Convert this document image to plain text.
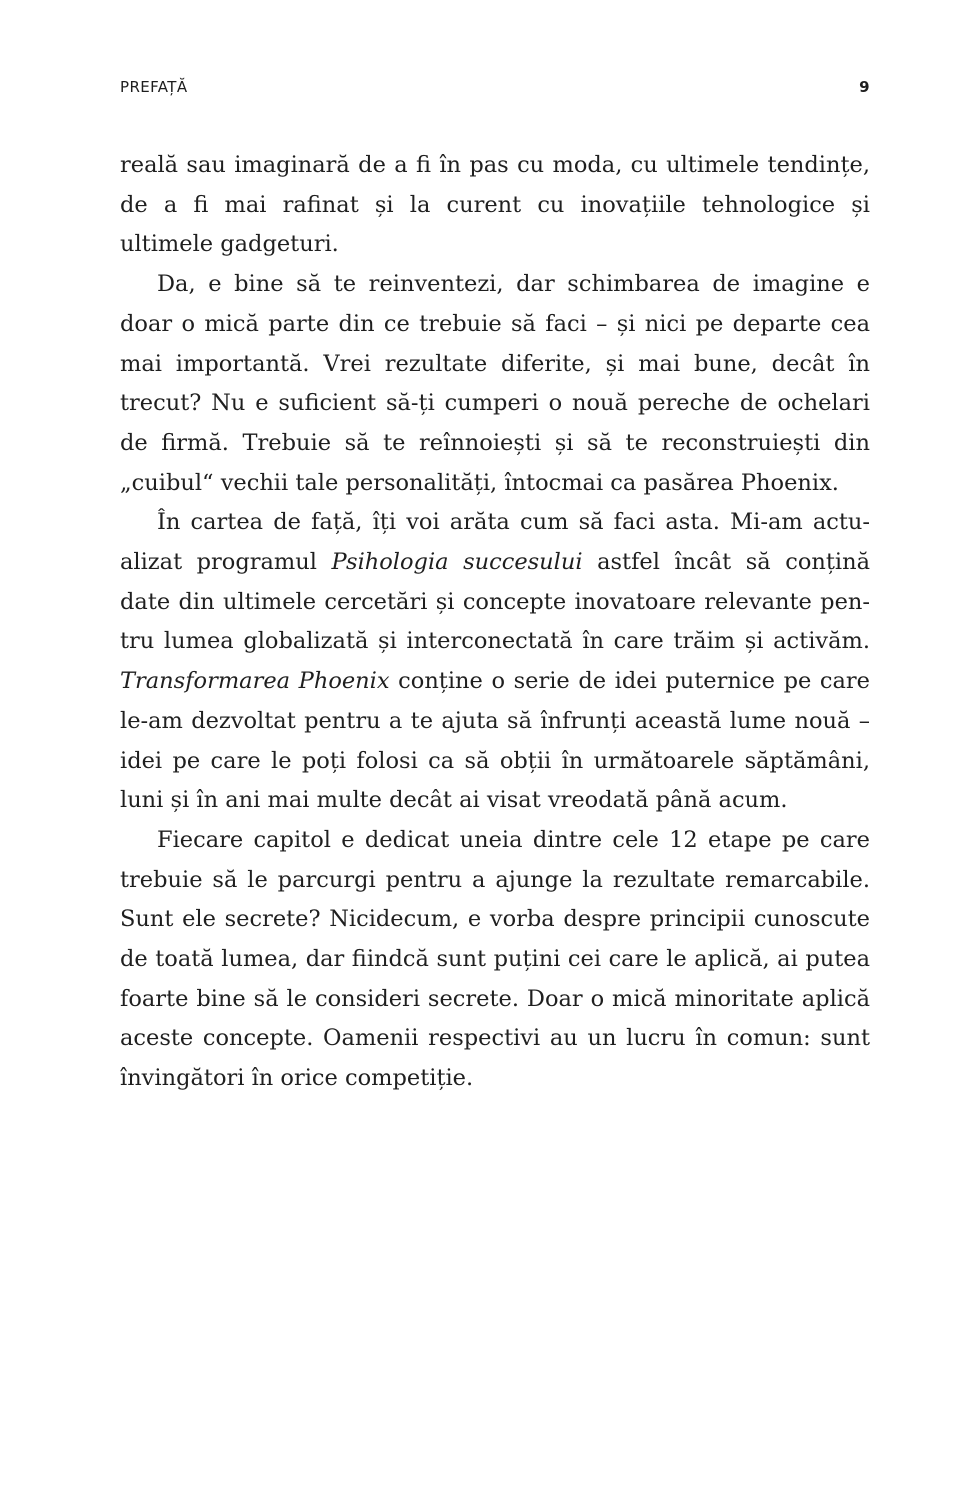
PREFAȚĂ	9

reală sau imaginară de a fi în pas cu moda, cu ultimele tendințe, de a fi mai rafinat și la curent cu inovațiile tehnologice și ultimele gadgeturi.

Da, e bine să te reinventezi, dar schimbarea de imagine e doar o mică parte din ce trebuie să faci – și nici pe departe cea mai importantă. Vrei rezultate diferite, și mai bune, decât în trecut? Nu e suficient să-ți cumperi o nouă pereche de ochelari de firmă. Trebuie să te reînnoiești și să te reconstruiești din „cuibul“ vechii tale personalități, întocmai ca pasărea Phoenix.

În cartea de față, îți voi arăta cum să faci asta. Mi-am actualizat programul Psihologia succesului astfel încât să conțină date din ultimele cercetări și concepte inovatoare relevante pentru lumea globalizată și interconectată în care trăim și activăm. Transformarea Phoenix conține o serie de idei puternice pe care le-am dezvoltat pentru a te ajuta să înfrunți această lume nouă – idei pe care le poți folosi ca să obții în următoarele săptămâni, luni și în ani mai multe decât ai visat vreodată până acum.

Fiecare capitol e dedicat uneia dintre cele 12 etape pe care trebuie să le parcurgi pentru a ajunge la rezultate remarcabile. Sunt ele secrete? Nicidecum, e vorba despre principii cunoscute de toată lumea, dar fiindcă sunt puțini cei care le aplică, ai putea foarte bine să le consideri secrete. Doar o mică minoritate aplică aceste concepte. Oamenii respectivi au un lucru în comun: sunt învingători în orice competiție.
